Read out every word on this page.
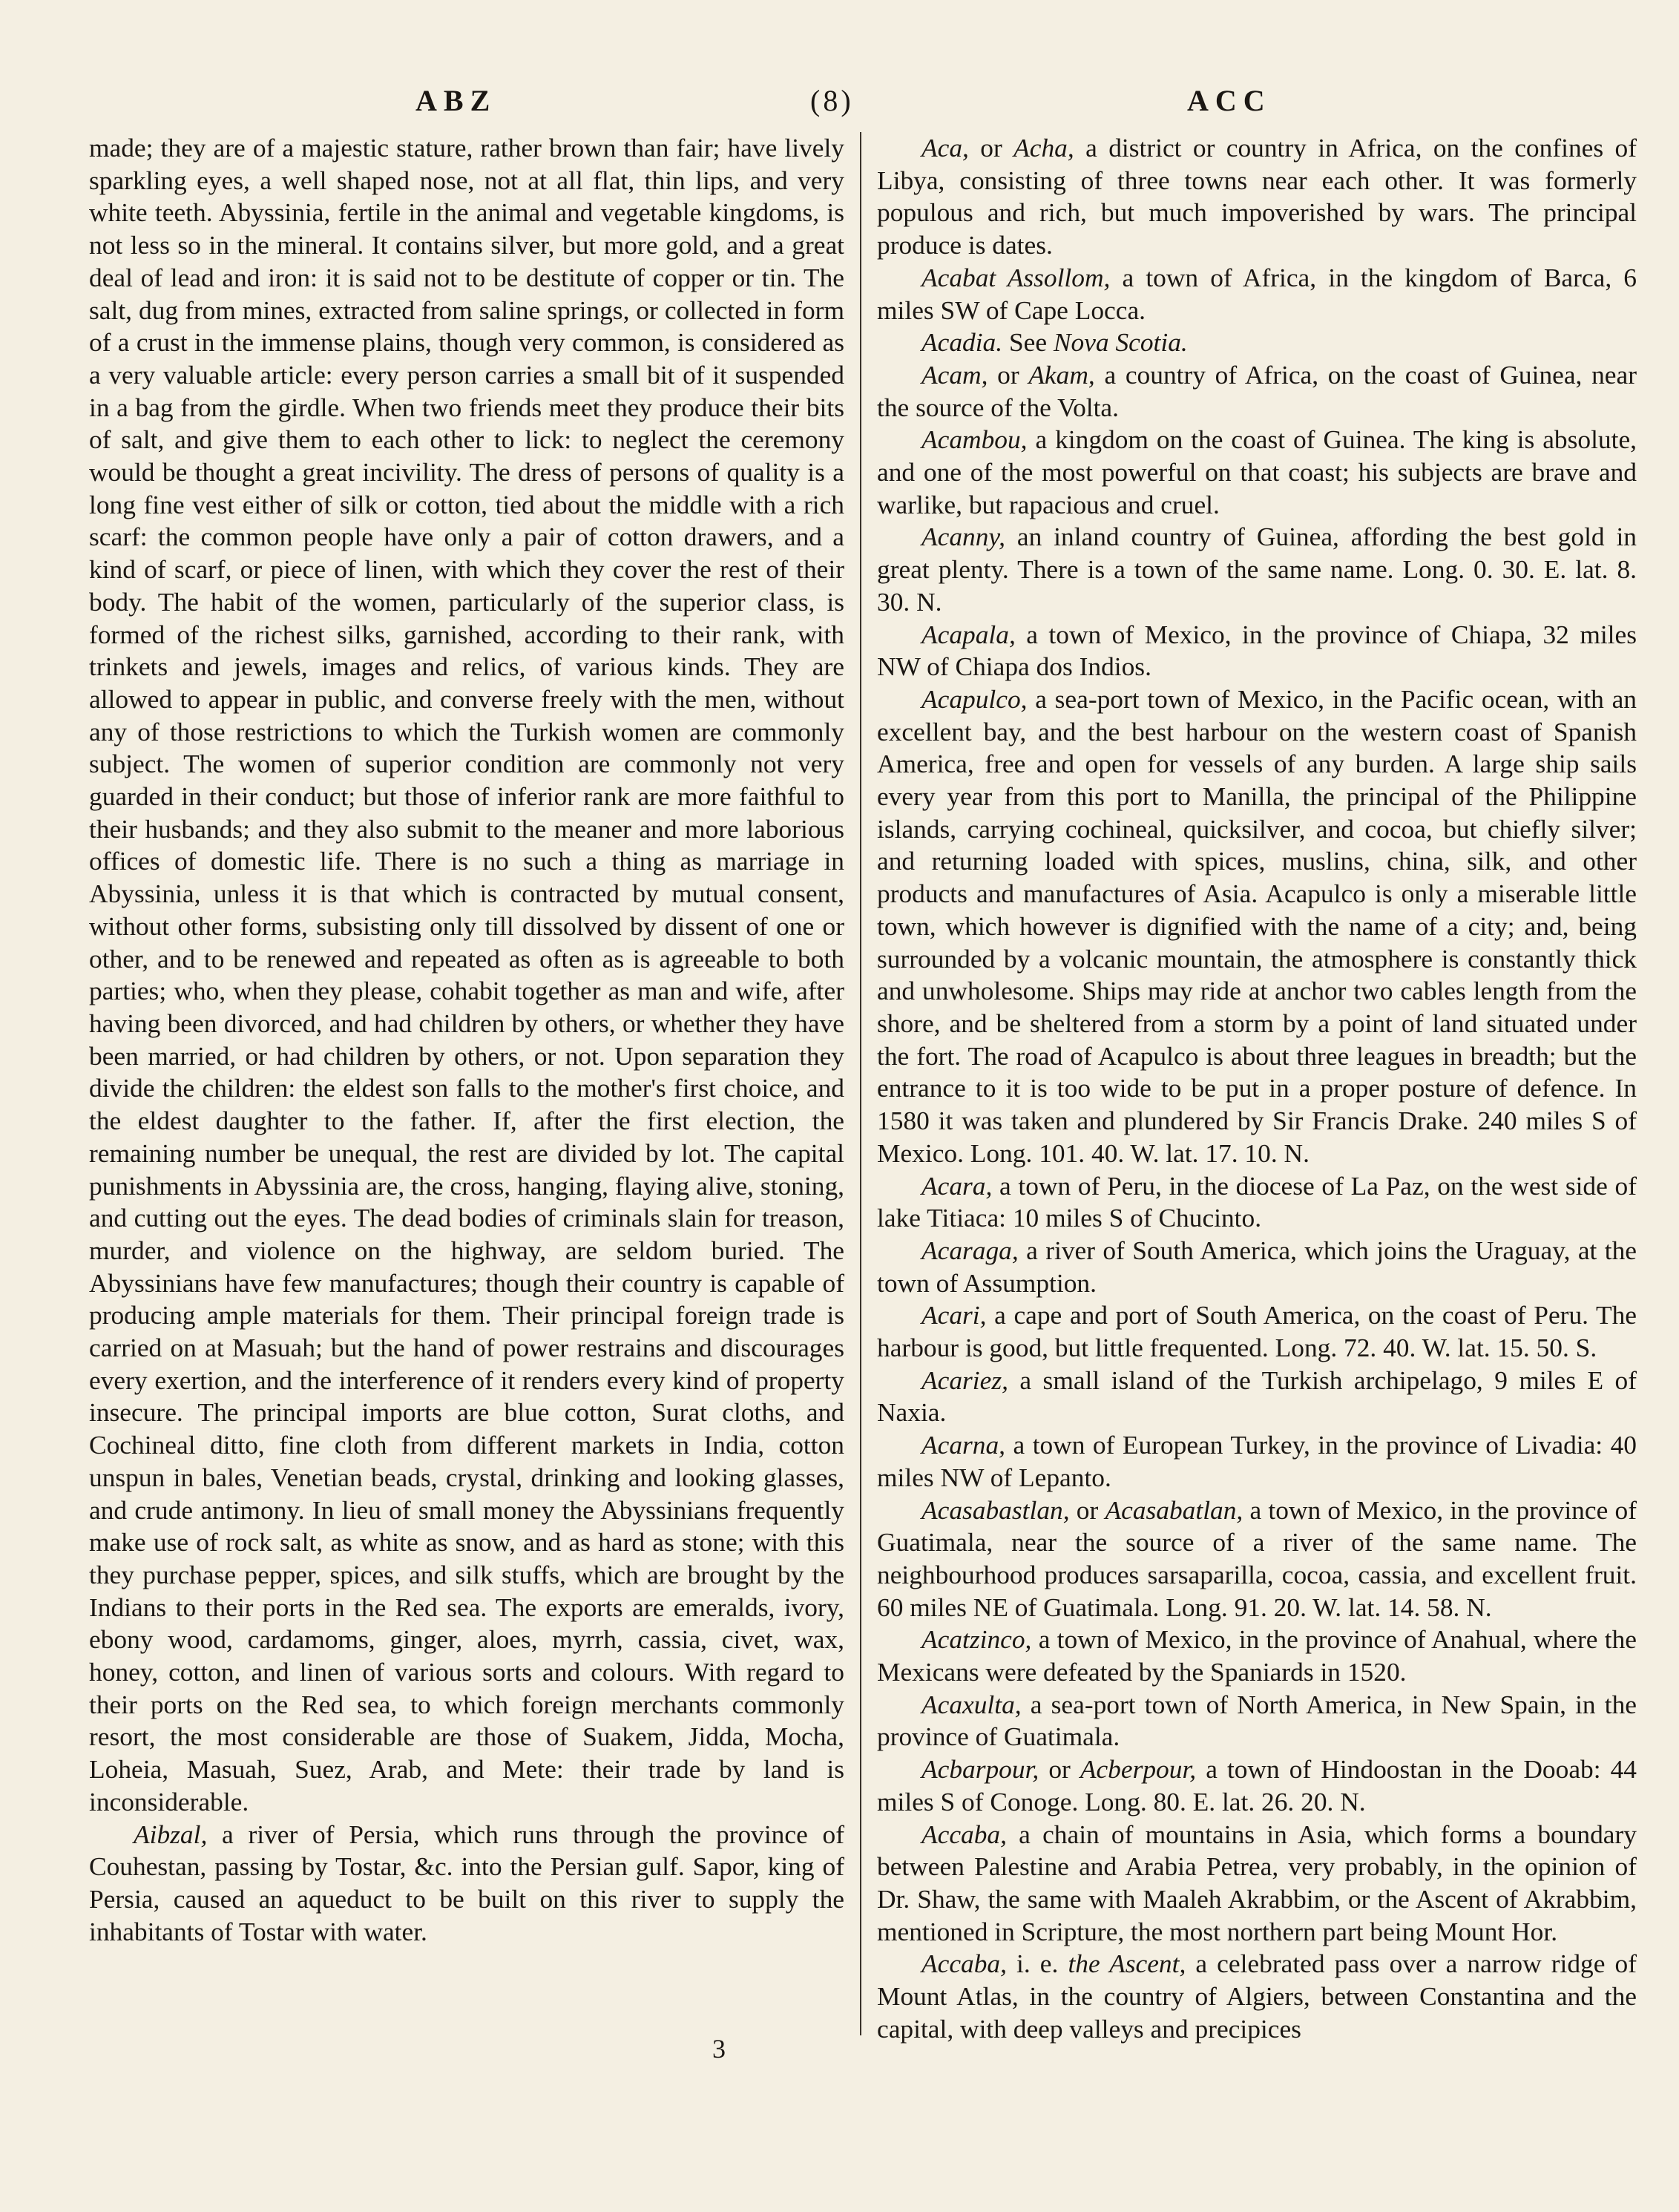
ABZ	(8)	ACC

made; they are of a majestic stature, rather brown than fair; have lively sparkling eyes, a well shaped nose, not at all flat, thin lips, and very white teeth. Abyssinia, fertile in the animal and vegetable kingdoms, is not less so in the mineral. It contains silver, but more gold, and a great deal of lead and iron: it is said not to be destitute of copper or tin. The salt, dug from mines, extracted from saline springs, or collected in form of a crust in the immense plains, though very common, is considered as a very valuable article: every person carries a small bit of it suspended in a bag from the girdle. When two friends meet they produce their bits of salt, and give them to each other to lick: to neglect the ceremony would be thought a great incivility. The dress of persons of quality is a long fine vest either of silk or cotton, tied about the middle with a rich scarf: the common people have only a pair of cotton drawers, and a kind of scarf, or piece of linen, with which they cover the rest of their body. The habit of the women, particularly of the superior class, is formed of the richest silks, garnished, according to their rank, with trinkets and jewels, images and relics, of various kinds. They are allowed to appear in public, and converse freely with the men, without any of those restrictions to which the Turkish women are commonly subject. The women of superior condition are commonly not very guarded in their conduct; but those of inferior rank are more faithful to their husbands; and they also submit to the meaner and more laborious offices of domestic life. There is no such a thing as marriage in Abyssinia, unless it is that which is contracted by mutual consent, without other forms, subsisting only till dissolved by dissent of one or other, and to be renewed and repeated as often as is agreeable to both parties; who, when they please, cohabit together as man and wife, after having been divorced, and had children by others, or whether they have been married, or had children by others, or not. Upon separation they divide the children: the eldest son falls to the mother's first choice, and the eldest daughter to the father. If, after the first election, the remaining number be unequal, the rest are divided by lot. The capital punishments in Abyssinia are, the cross, hanging, flaying alive, stoning, and cutting out the eyes. The dead bodies of criminals slain for treason, murder, and violence on the highway, are seldom buried. The Abyssinians have few manufactures; though their country is capable of producing ample materials for them. Their principal foreign trade is carried on at Masuah; but the hand of power restrains and discourages every exertion, and the interference of it renders every kind of property insecure. The principal imports are blue cotton, Surat cloths, and Cochineal ditto, fine cloth from different markets in India, cotton unspun in bales, Venetian beads, crystal, drinking and looking glasses, and crude antimony. In lieu of small money the Abyssinians frequently make use of rock salt, as white as snow, and as hard as stone; with this they purchase pepper, spices, and silk stuffs, which are brought by the Indians to their ports in the Red sea. The exports are emeralds, ivory, ebony wood, cardamoms, ginger, aloes, myrrh, cassia, civet, wax, honey, cotton, and linen of various sorts and colours. With regard to their ports on the Red sea, to which foreign merchants commonly resort, the most considerable are those of Suakem, Jidda, Mocha, Loheia, Masuah, Suez, Arab, and Mete: their trade by land is inconsiderable.

Aibzal, a river of Persia, which runs through the province of Couhestan, passing by Tostar, &c. into the Persian gulf. Sapor, king of Persia, caused an aqueduct to be built on this river to supply the inhabitants of Tostar with water.

Aca, or Acha, a district or country in Africa, on the confines of Libya, consisting of three towns near each other. It was formerly populous and rich, but much impoverished by wars. The principal produce is dates.

Acabat Assollom, a town of Africa, in the kingdom of Barca, 6 miles SW of Cape Locca.

Acadia. See Nova Scotia.

Acam, or Akam, a country of Africa, on the coast of Guinea, near the source of the Volta.

Acambou, a kingdom on the coast of Guinea. The king is absolute, and one of the most powerful on that coast; his subjects are brave and warlike, but rapacious and cruel.

Acanny, an inland country of Guinea, affording the best gold in great plenty. There is a town of the same name. Long. 0. 30. E. lat. 8. 30. N.

Acapala, a town of Mexico, in the province of Chiapa, 32 miles NW of Chiapa dos Indios.

Acapulco, a sea-port town of Mexico, in the Pacific ocean, with an excellent bay, and the best harbour on the western coast of Spanish America, free and open for vessels of any burden. A large ship sails every year from this port to Manilla, the principal of the Philippine islands, carrying cochineal, quicksilver, and cocoa, but chiefly silver; and returning loaded with spices, muslins, china, silk, and other products and manufactures of Asia. Acapulco is only a miserable little town, which however is dignified with the name of a city; and, being surrounded by a volcanic mountain, the atmosphere is constantly thick and unwholesome. Ships may ride at anchor two cables length from the shore, and be sheltered from a storm by a point of land situated under the fort. The road of Acapulco is about three leagues in breadth; but the entrance to it is too wide to be put in a proper posture of defence. In 1580 it was taken and plundered by Sir Francis Drake. 240 miles S of Mexico. Long. 101. 40. W. lat. 17. 10. N.

Acara, a town of Peru, in the diocese of La Paz, on the west side of lake Titiaca: 10 miles S of Chucinto.

Acaraga, a river of South America, which joins the Uraguay, at the town of Assumption.

Acari, a cape and port of South America, on the coast of Peru. The harbour is good, but little frequented. Long. 72. 40. W. lat. 15. 50. S.

Acariez, a small island of the Turkish archipelago, 9 miles E of Naxia.

Acarna, a town of European Turkey, in the province of Livadia: 40 miles NW of Lepanto.

Acasabastlan, or Acasabatlan, a town of Mexico, in the province of Guatimala, near the source of a river of the same name. The neighbourhood produces sarsaparilla, cocoa, cassia, and excellent fruit. 60 miles NE of Guatimala. Long. 91. 20. W. lat. 14. 58. N.

Acatzinco, a town of Mexico, in the province of Anahual, where the Mexicans were defeated by the Spaniards in 1520.

Acaxulta, a sea-port town of North America, in New Spain, in the province of Guatimala.

Acbarpour, or Acberpour, a town of Hindoostan in the Dooab: 44 miles S of Conoge. Long. 80. E. lat. 26. 20. N.

Accaba, a chain of mountains in Asia, which forms a boundary between Palestine and Arabia Petrea, very probably, in the opinion of Dr. Shaw, the same with Maaleh Akrabbim, or the Ascent of Akrabbim, mentioned in Scripture, the most northern part being Mount Hor.

Accaba, i. e. the Ascent, a celebrated pass over a narrow ridge of Mount Atlas, in the country of Algiers, between Constantina and the capital, with deep valleys and precipices

3
